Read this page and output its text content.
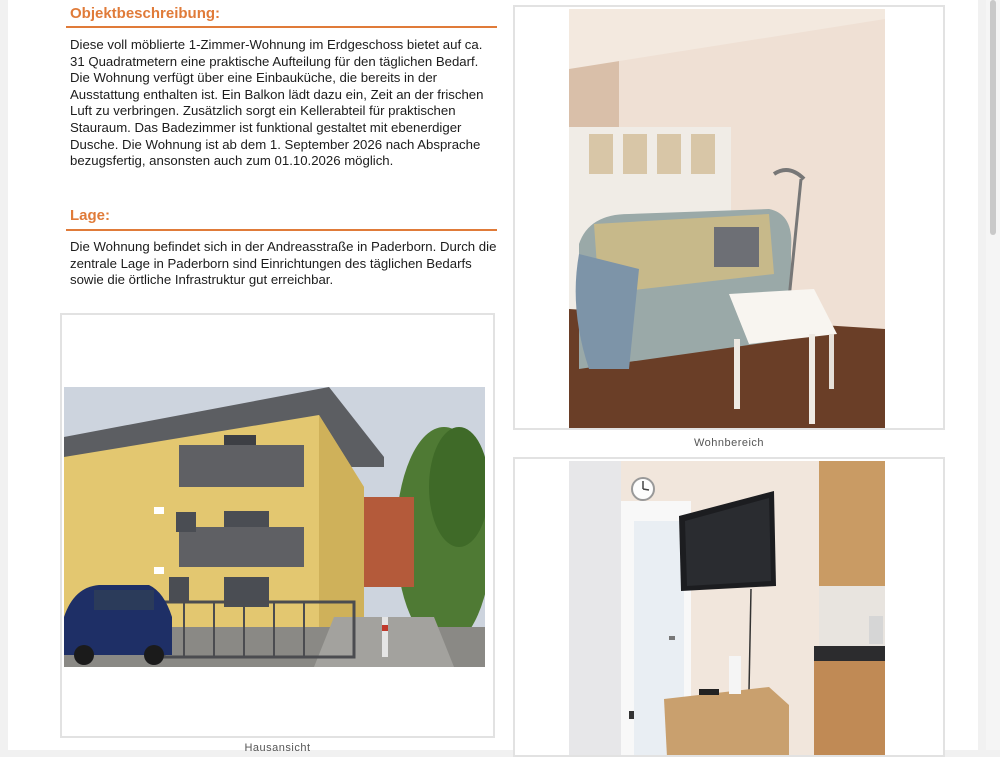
Objektbeschreibung:

Diese voll möblierte 1-Zimmer-Wohnung im Erdgeschoss bietet auf ca. 31 Quadratmetern eine praktische Aufteilung für den täglichen Bedarf. Die Wohnung verfügt über eine Einbauküche, die bereits in der Ausstattung enthalten ist. Ein Balkon lädt dazu ein, Zeit an der frischen Luft zu verbringen. Zusätzlich sorgt ein Kellerabteil für praktischen Stauraum. Das Badezimmer ist funktional gestaltet mit ebenerdiger Dusche. Die Wohnung ist ab dem 1. September 2026 nach Absprache bezugsfertig, ansonsten auch zum 01.10.2026 möglich.

Lage:

Die Wohnung befindet sich in der Andreasstraße in Paderborn. Durch die zentrale Lage in Paderborn sind Einrichtungen des täglichen Bedarfs sowie die örtliche Infrastruktur gut erreichbar.

Hausansicht
Wohnbereich
